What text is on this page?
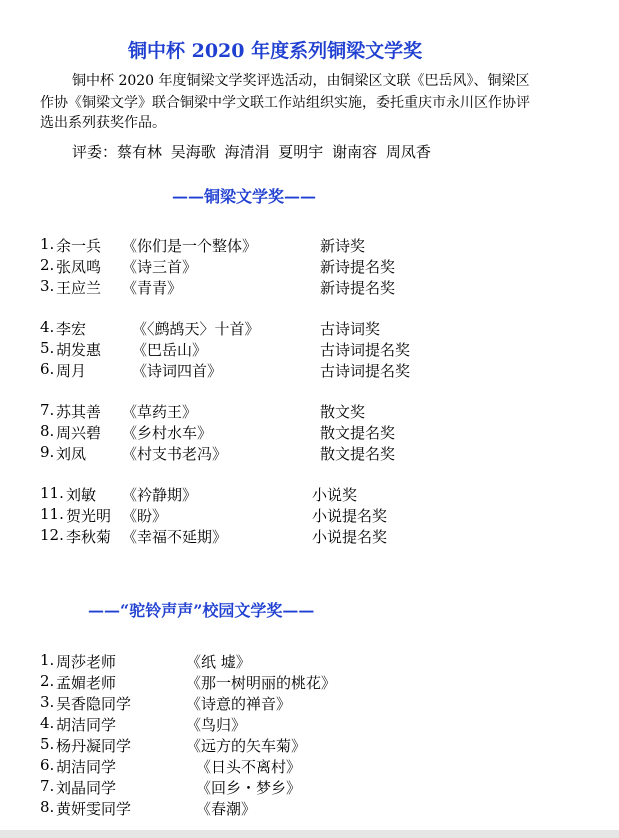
铜中杯 2020 年度系列铜梁文学奖
铜中杯 2020 年度铜梁文学奖评选活动，由铜梁区文联《巴岳风》、铜梁区
作协《铜梁文学》联合铜梁中学文联工作站组织实施，委托重庆市永川区作协评
选出系列获奖作品。
评委：蔡有林 吴海歌 海清涓 夏明宇 谢南容 周凤香
——铜梁文学奖——
1. 余一兵 《你们是一个整体》	新诗奖
2. 张凤鸣 《诗三首》	新诗提名奖
3. 王应兰 《青青》	新诗提名奖
4. 李宏	《〈鹧鸪天〉十首》	古诗词奖
5. 胡发惠 《巴岳山》	古诗词提名奖
6. 周月	《诗词四首》	古诗词提名奖
7. 苏其善 《草药王》	散文奖
8. 周兴碧 《乡村水车》	散文提名奖
9. 刘凤 《村支书老冯》	散文提名奖
11. 刘敏 《衿静期》	小说奖
11. 贺光明 《盼》	小说提名奖
12. 李秋菊 《幸福不延期》	小说提名奖
——“驼铃声声”校园文学奖——
1. 周莎老师	《纸 墟》
2. 孟媚老师	《那一树明丽的桃花》
3. 吴香隐同学	《诗意的禅音》
4. 胡洁同学	《鸟归》
5. 杨丹凝同学	《远方的矢车菊》
6. 胡洁同学	《日头不离村》
7. 刘晶同学	《回乡・梦乡》
8. 黄妍雯同学	《春潮》
